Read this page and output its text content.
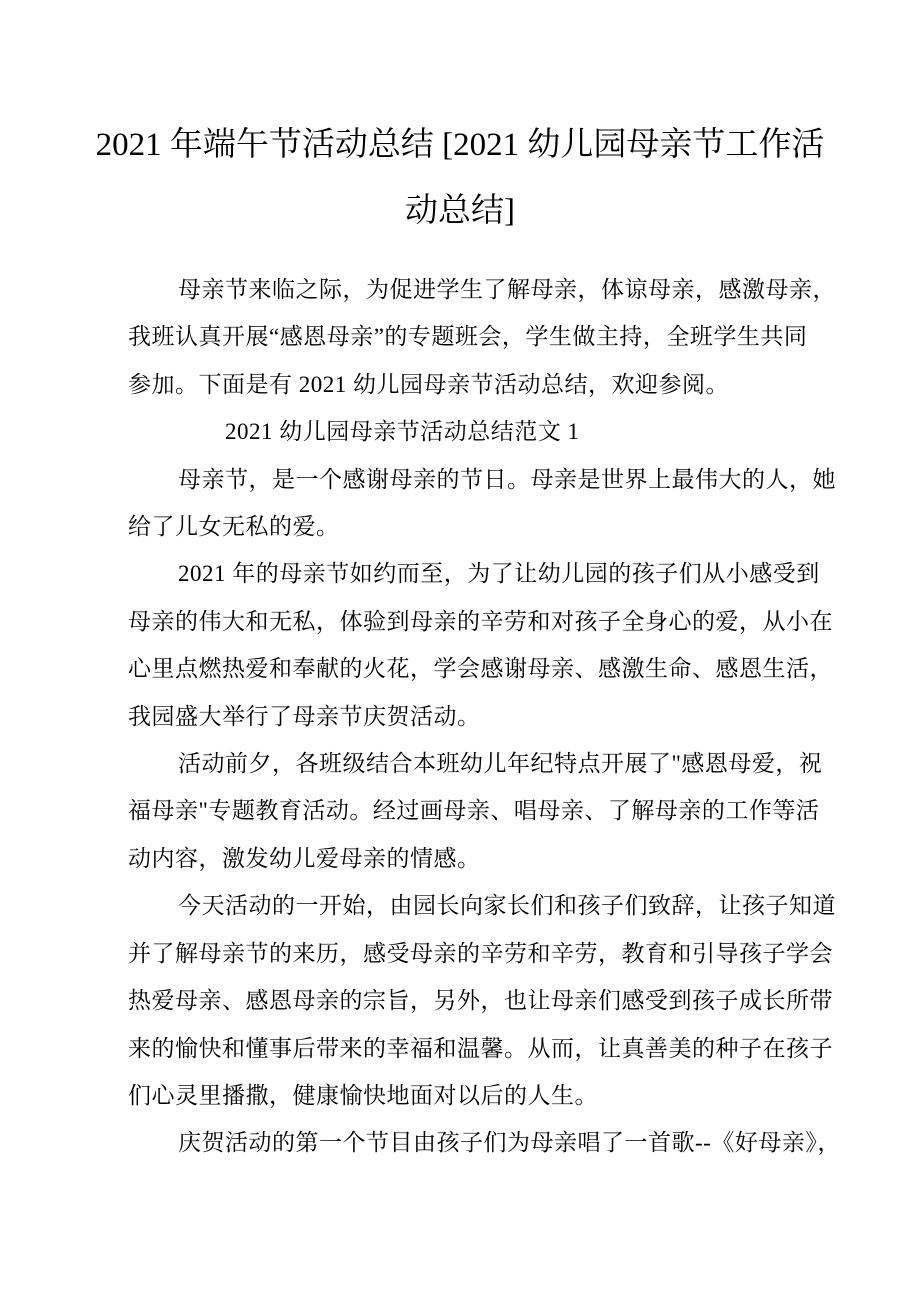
2021 年端午节活动总结 [2021 幼儿园母亲节工作活
动总结]
母亲节来临之际，为促进学生了解母亲，体谅母亲，感激母亲，
我班认真开展“感恩母亲”的专题班会，学生做主持，全班学生共同
参加。下面是有 2021 幼儿园母亲节活动总结，欢迎参阅。
2021 幼儿园母亲节活动总结范文 1
母亲节，是一个感谢母亲的节日。母亲是世界上最伟大的人，她
给了儿女无私的爱。
2021 年的母亲节如约而至，为了让幼儿园的孩子们从小感受到
母亲的伟大和无私，体验到母亲的辛劳和对孩子全身心的爱，从小在
心里点燃热爱和奉献的火花，学会感谢母亲、感激生命、感恩生活，
我园盛大举行了母亲节庆贺活动。
活动前夕，各班级结合本班幼儿年纪特点开展了"感恩母爱，祝
福母亲"专题教育活动。经过画母亲、唱母亲、了解母亲的工作等活
动内容，激发幼儿爱母亲的情感。
今天活动的一开始，由园长向家长们和孩子们致辞，让孩子知道
并了解母亲节的来历，感受母亲的辛劳和辛劳，教育和引导孩子学会
热爱母亲、感恩母亲的宗旨，另外，也让母亲们感受到孩子成长所带
来的愉快和懂事后带来的幸福和温馨。从而，让真善美的种子在孩子
们心灵里播撒，健康愉快地面对以后的人生。
庆贺活动的第一个节目由孩子们为母亲唱了一首歌--《好母亲》，
